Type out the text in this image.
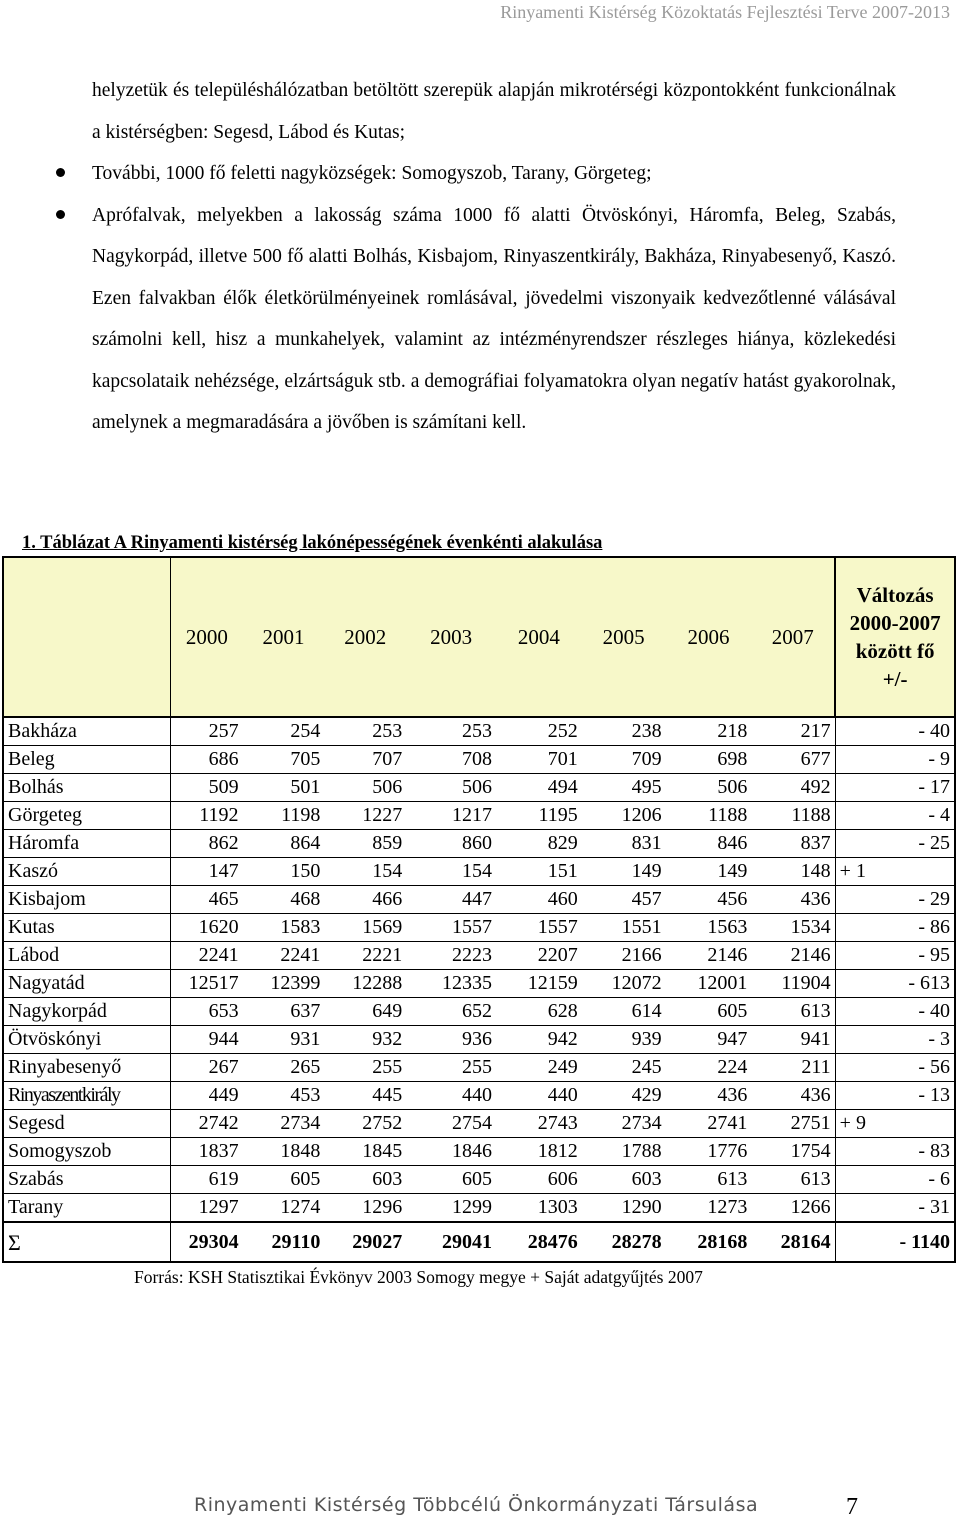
Rinyamenti Kistérség Közoktatás Fejlesztési Terve 2007-2013
helyzetük és településhálózatban betöltött szerepük alapján mikrotérségi központokként funkcionálnak a kistérségben: Segesd, Lábod és Kutas;
További, 1000 fő feletti nagyközségek: Somogyszob, Tarany, Görgeteg;
Aprófalvak, melyekben a lakosság száma 1000 fő alatti Ötvöskónyi, Háromfa, Beleg, Szabás, Nagykorpád, illetve 500 fő alatti Bolhás, Kisbajom, Rinyaszentkirály, Bakháza, Rinyabesenyő, Kaszó. Ezen falvakban élők életkörülményeinek romlásával, jövedelmi viszonyaik kedvezőtlenné válásával számolni kell, hisz a munkahelyek, valamint az intézményrendszer részleges hiánya, közlekedési kapcsolataik nehézsége, elzártságuk stb. a demográfiai folyamatokra olyan negatív hatást gyakorolnak, amelynek a megmaradására a jövőben is számítani kell.
1. Táblázat A Rinyamenti kistérség lakónépességének évenkénti alakulása
	2000	2001	2002	2003	2004	2005	2006	2007	Változás
2000-2007
között fő
+/-

Bakháza	257	254	253	253	252	238	218	217	- 40
Beleg	686	705	707	708	701	709	698	677	- 9
Bolhás	509	501	506	506	494	495	506	492	- 17
Görgeteg	1192	1198	1227	1217	1195	1206	1188	1188	- 4
Háromfa	862	864	859	860	829	831	846	837	- 25
Kaszó	147	150	154	154	151	149	149	148	+ 1
Kisbajom	465	468	466	447	460	457	456	436	- 29
Kutas	1620	1583	1569	1557	1557	1551	1563	1534	- 86
Lábod	2241	2241	2221	2223	2207	2166	2146	2146	- 95
Nagyatád	12517	12399	12288	12335	12159	12072	12001	11904	- 613
Nagykorpád	653	637	649	652	628	614	605	613	- 40
Ötvöskónyi	944	931	932	936	942	939	947	941	- 3
Rinyabesenyő	267	265	255	255	249	245	224	211	- 56
Rinyaszentkirály	449	453	445	440	440	429	436	436	- 13
Segesd	2742	2734	2752	2754	2743	2734	2741	2751	+ 9
Somogyszob	1837	1848	1845	1846	1812	1788	1776	1754	- 83
Szabás	619	605	603	605	606	603	613	613	- 6
Tarany	1297	1274	1296	1299	1303	1290	1273	1266	- 31
Σ	29304	29110	29027	29041	28476	28278	28168	28164	- 1140
Forrás: KSH Statisztikai Évkönyv 2003 Somogy megye + Saját adatgyűjtés 2007
Rinyamenti Kistérség Többcélú Önkormányzati Társulása	7
